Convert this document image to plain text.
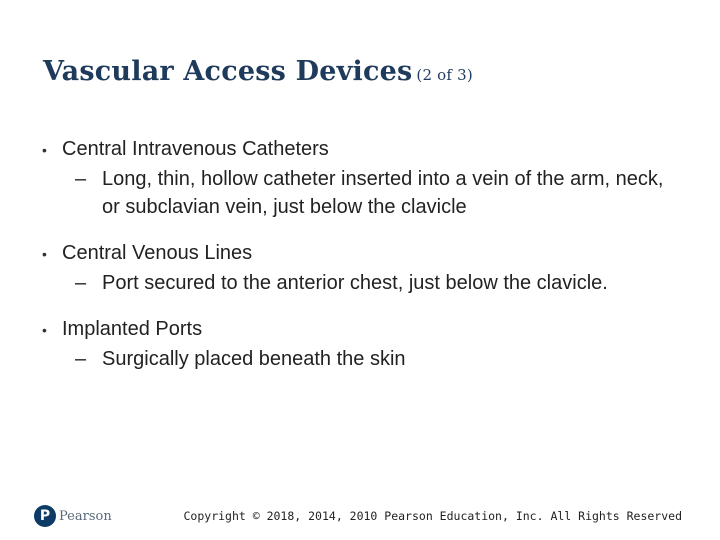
Vascular Access Devices (2 of 3)
• Central Intravenous Catheters
– Long, thin, hollow catheter inserted into a vein of the arm, neck, or subclavian vein, just below the clavicle
• Central Venous Lines
– Port secured to the anterior chest, just below the clavicle.
• Implanted Ports
– Surgically placed beneath the skin
P Pearson	Copyright © 2018, 2014, 2010 Pearson Education, Inc. All Rights Reserved
